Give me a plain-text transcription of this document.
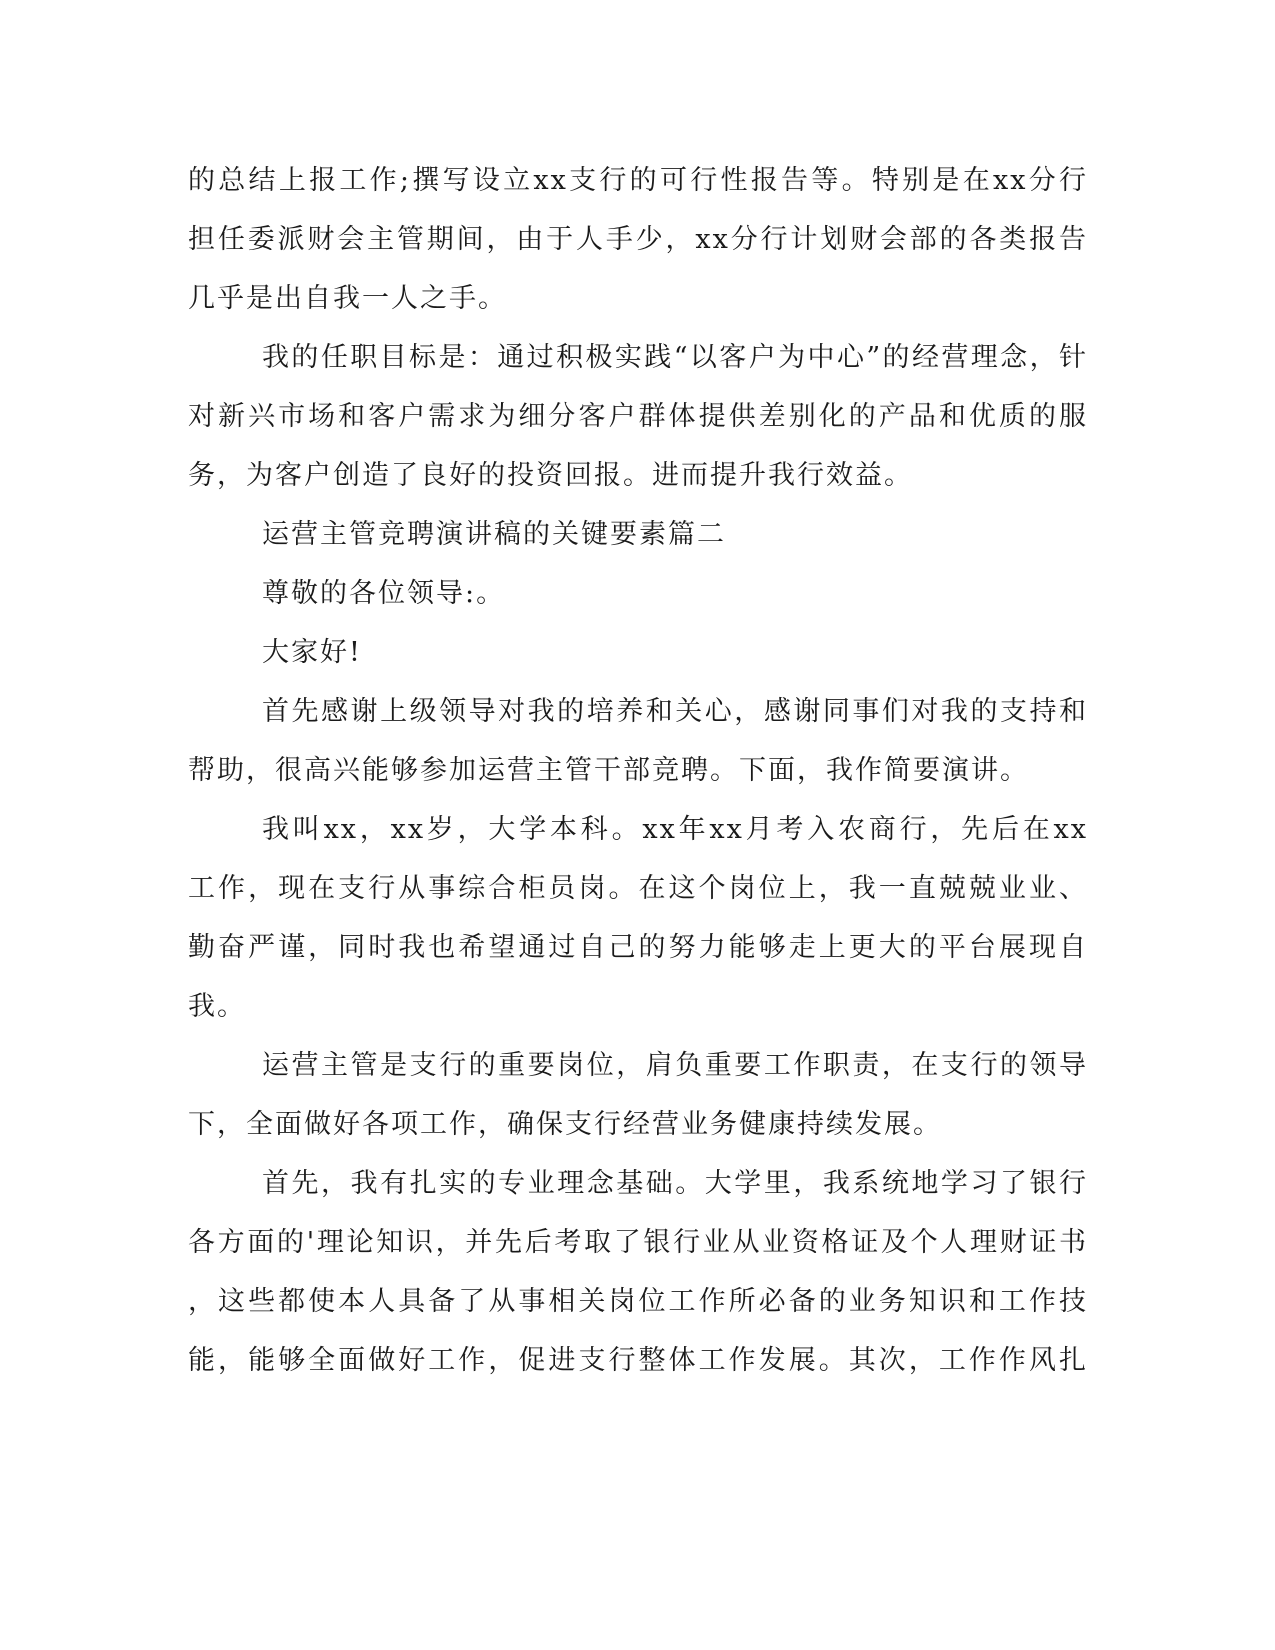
的总结上报工作;撰写设立xx支行的可行性报告等。特别是在xx分行
担任委派财会主管期间，由于人手少，xx分行计划财会部的各类报告
几乎是出自我一人之手。
我的任职目标是：通过积极实践“以客户为中心”的经营理念，针
对新兴市场和客户需求为细分客户群体提供差别化的产品和优质的服
务，为客户创造了良好的投资回报。进而提升我行效益。
运营主管竞聘演讲稿的关键要素篇二
尊敬的各位领导:。
大家好!
首先感谢上级领导对我的培养和关心，感谢同事们对我的支持和
帮助，很高兴能够参加运营主管干部竞聘。下面，我作简要演讲。
我叫xx，xx岁，大学本科。xx年xx月考入农商行，先后在xx
工作，现在支行从事综合柜员岗。在这个岗位上，我一直兢兢业业、
勤奋严谨，同时我也希望通过自己的努力能够走上更大的平台展现自
我。
运营主管是支行的重要岗位，肩负重要工作职责，在支行的领导
下，全面做好各项工作，确保支行经营业务健康持续发展。
首先，我有扎实的专业理念基础。大学里，我系统地学习了银行
各方面的'理论知识，并先后考取了银行业从业资格证及个人理财证书
，这些都使本人具备了从事相关岗位工作所必备的业务知识和工作技
能，能够全面做好工作，促进支行整体工作发展。其次，工作作风扎
